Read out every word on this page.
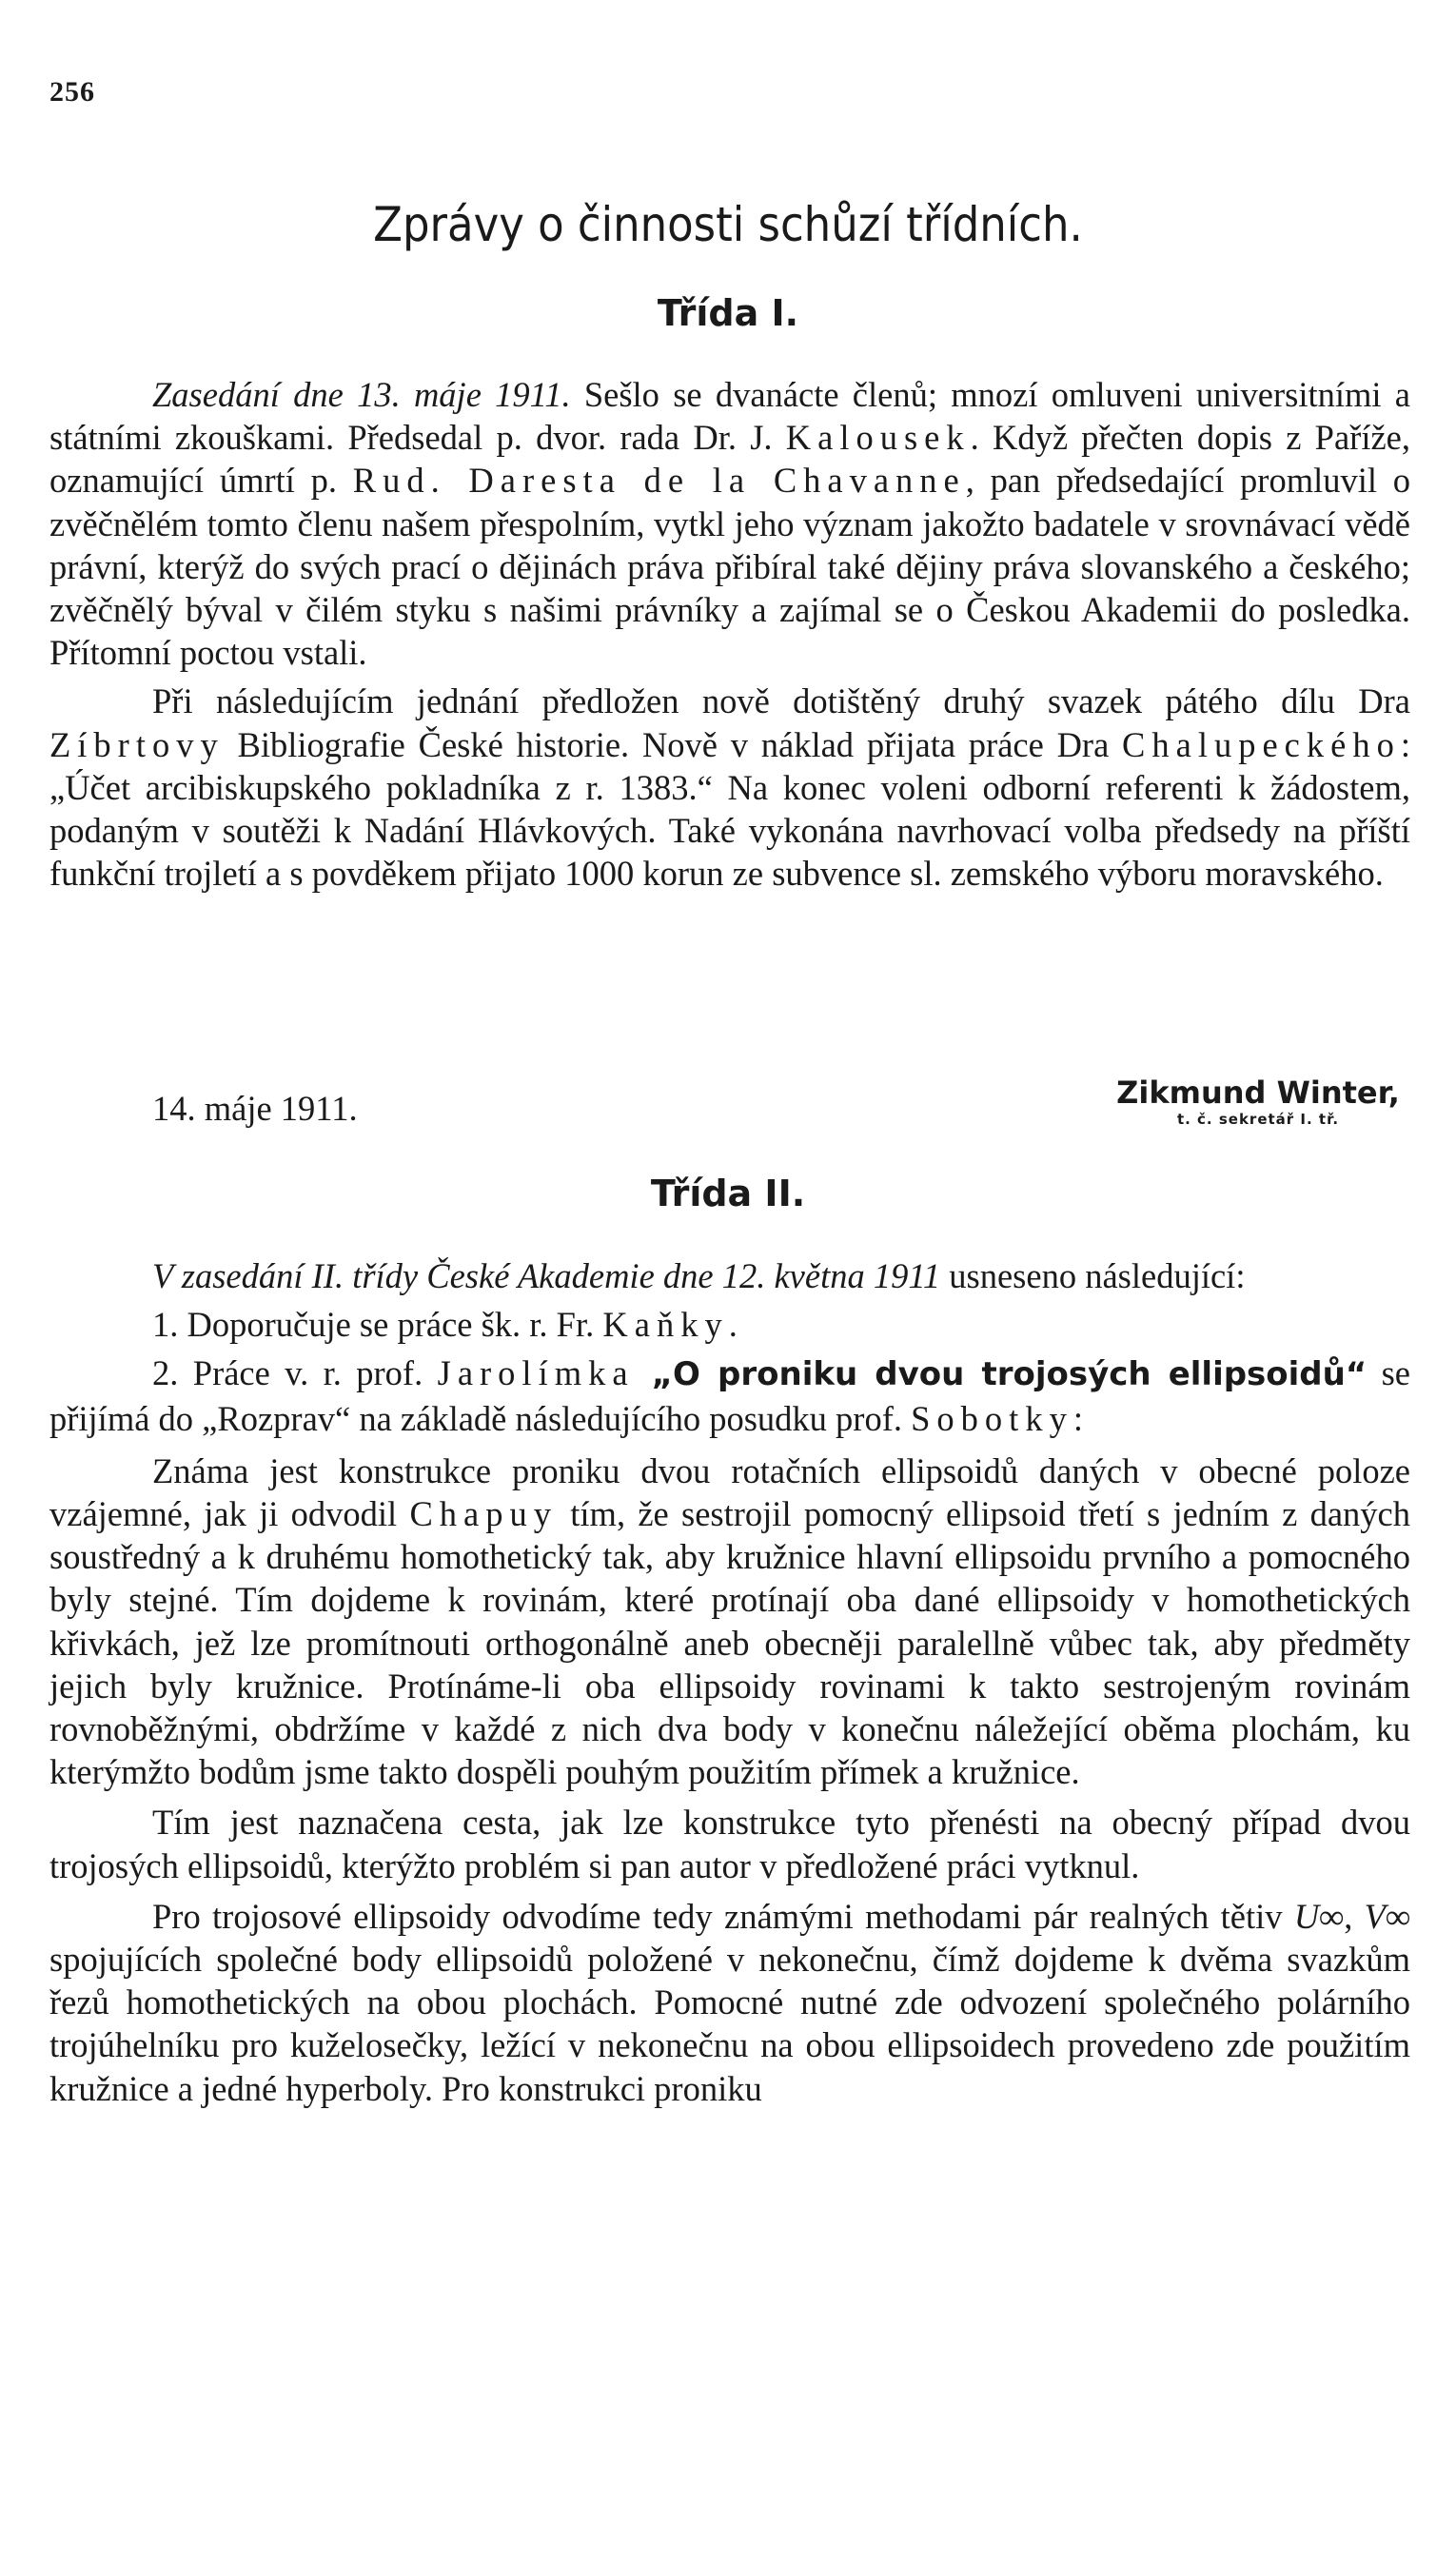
256
Zprávy o činnosti schůzí třídních.
Třída I.

Zasedání dne 13. máje 1911. Sešlo se dvanácte členů; mnozí omluveni universitními a státními zkouškami. Předsedal p. dvor. rada Dr. J. Kalousek. Když přečten dopis z Paříže, oznamující úmrtí p. Rud. Daresta de la Chavanne, pan předsedající promluvil o zvěčnělém tomto členu našem přespolním, vytkl jeho význam jakožto badatele v srovnávací vědě právní, kterýž do svých prací o dějinách práva přibíral také dějiny práva slovanského a českého; zvěčnělý býval v čilém styku s našimi právníky a zajímal se o Českou Akademii do posledka. Přítomní poctou vstali.

Při následujícím jednání předložen nově dotištěný druhý svazek pátého dílu Dra Zíbrtovy Bibliografie České historie. Nově v náklad přijata práce Dra Chalupeckého: „Účet arcibiskupského pokladníka z r. 1383.“ Na konec voleni odborní referenti k žádostem, podaným v soutěži k Nadání Hlávkových. Také vykonána navrhovací volba předsedy na příští funkční trojletí a s povděkem přijato 1000 korun ze subvence sl. zemského výboru moravského.

14. máje 1911.	Zikmund Winter,
t. č. sekretář I. tř.
Třída II.

V zasedání II. třídy České Akademie dne 12. května 1911 usneseno následující:

1. Doporučuje se práce šk. r. Fr. Kaňky.

2. Práce v. r. prof. Jarolímka „O proniku dvou trojosých ellipsoidů“ se přijímá do „Rozprav“ na základě následujícího posudku prof. Sobotky:

Známa jest konstrukce proniku dvou rotačních ellipsoidů daných v obecné poloze vzájemné, jak ji odvodil Chapuy tím, že sestrojil pomocný ellipsoid třetí s jedním z daných soustředný a k druhému homothetický tak, aby kružnice hlavní ellipsoidu prvního a pomocného byly stejné. Tím dojdeme k rovinám, které protínají oba dané ellipsoidy v homothetických křivkách, jež lze promítnouti orthogonálně aneb obecněji paralellně vůbec tak, aby předměty jejich byly kružnice. Protínáme-li oba ellipsoidy rovinami k takto sestrojeným rovinám rovnoběžnými, obdržíme v každé z nich dva body v konečnu náležející oběma plochám, ku kterýmžto bodům jsme takto dospěli pouhým použitím přímek a kružnice.

Tím jest naznačena cesta, jak lze konstrukce tyto přenésti na obecný případ dvou trojosých ellipsoidů, kterýžto problém si pan autor v předložené práci vytknul.

Pro trojosové ellipsoidy odvodíme tedy známými methodami pár realných tětiv U∞, V∞ spojujících společné body ellipsoidů položené v nekonečnu, čímž dojdeme k dvěma svazkům řezů homothetických na obou plochách. Pomocné nutné zde odvození společného polárního trojúhelníku pro kuželosečky, ležící v nekonečnu na obou ellipsoidech provedeno zde použitím kružnice a jedné hyperboly. Pro konstrukci proniku
